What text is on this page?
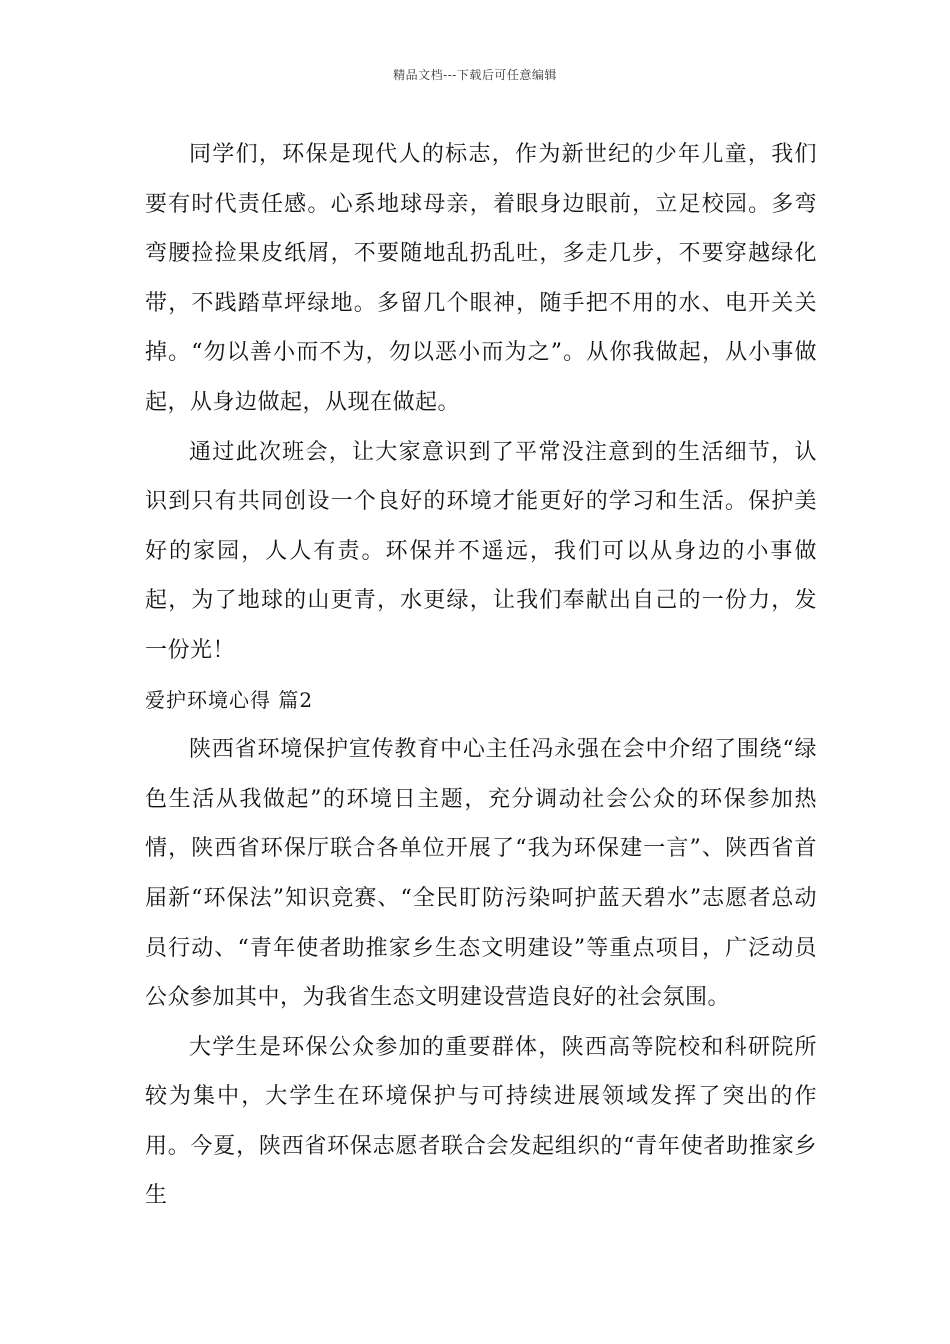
精品文档---下载后可任意编辑

同学们，环保是现代人的标志，作为新世纪的少年儿童，我们要有时代责任感。心系地球母亲，着眼身边眼前，立足校园。多弯弯腰捡捡果皮纸屑，不要随地乱扔乱吐，多走几步，不要穿越绿化带，不践踏草坪绿地。多留几个眼神，随手把不用的水、电开关关掉。“勿以善小而不为，勿以恶小而为之”。从你我做起，从小事做起，从身边做起，从现在做起。

通过此次班会，让大家意识到了平常没注意到的生活细节，认识到只有共同创设一个良好的环境才能更好的学习和生活。保护美好的家园，人人有责。环保并不遥远，我们可以从身边的小事做起，为了地球的山更青，水更绿，让我们奉献出自己的一份力，发一份光！

爱护环境心得 篇2

陕西省环境保护宣传教育中心主任冯永强在会中介绍了围绕“绿色生活从我做起”的环境日主题，充分调动社会公众的环保参加热情，陕西省环保厅联合各单位开展了“我为环保建一言”、陕西省首届新“环保法”知识竞赛、“全民盯防污染呵护蓝天碧水”志愿者总动员行动、“青年使者助推家乡生态文明建设”等重点项目，广泛动员公众参加其中，为我省生态文明建设营造良好的社会氛围。

大学生是环保公众参加的重要群体，陕西高等院校和科研院所较为集中，大学生在环境保护与可持续进展领域发挥了突出的作用。今夏，陕西省环保志愿者联合会发起组织的“青年使者助推家乡生
